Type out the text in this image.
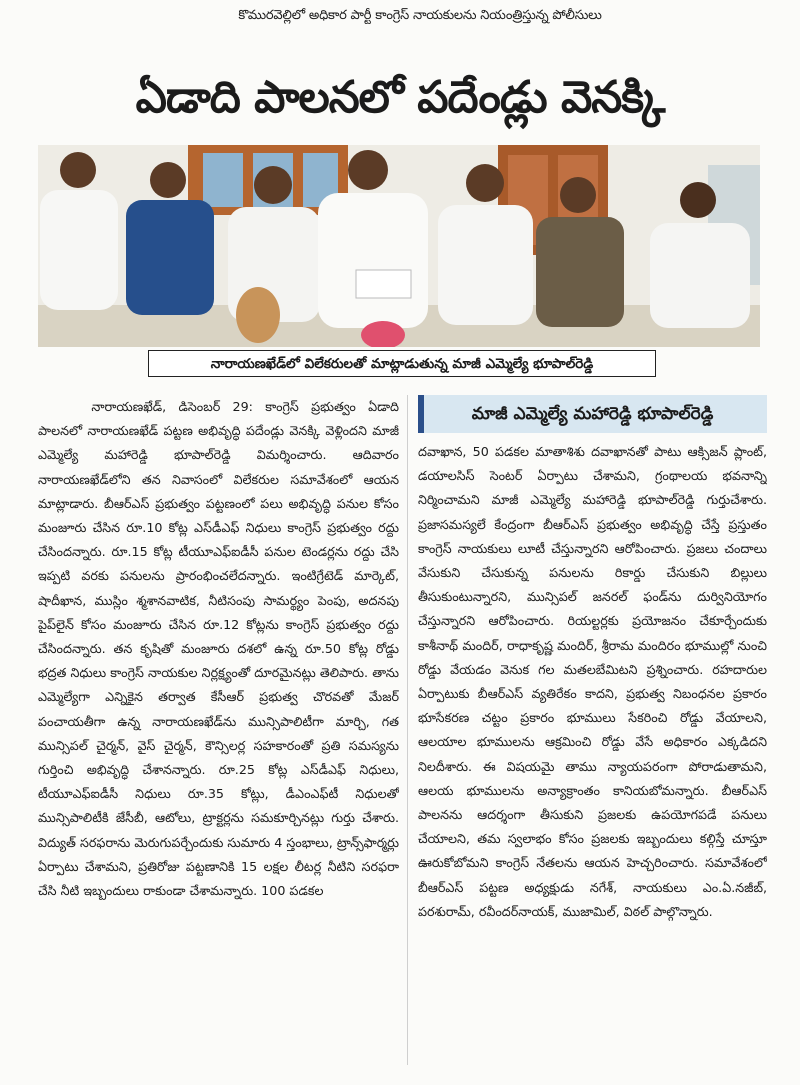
కొమురవెల్లిలో అధికార పార్టీ కాంగ్రెస్ నాయకులను నియంత్రిస్తున్న పోలీసులు
ఏడాది పాలనలో పదేండ్లు వెనక్కి
నారాయణఖేడ్‌లో విలేకరులతో మాట్లాడుతున్న మాజీ ఎమ్మెల్యే భూపాల్‌రెడ్డి

నారాయణఖేడ్, డిసెంబర్ 29: కాంగ్రెస్ ప్రభుత్వం ఏడాది పాలనలో నారాయణఖేడ్ పట్టణ అభివృద్ధి పదేండ్లు వెనక్కి వెళ్లిందని మాజీ ఎమ్మెల్యే మహారెడ్డి భూపాల్‌రెడ్డి విమర్శించారు. ఆదివారం నారాయణఖేడ్‌లోని తన నివాసంలో విలేకరుల సమావేశంలో ఆయన మాట్లాడారు. బీఆర్‌ఎస్ ప్రభుత్వం పట్టణంలో పలు అభివృద్ధి పనుల కోసం మంజూరు చేసిన రూ.10 కోట్ల ఎస్‌డీఎఫ్ నిధులు కాంగ్రెస్ ప్రభుత్వం రద్దు చేసిందన్నారు. రూ.15 కోట్ల టీయూఎఫ్‌ఐడీసీ పనుల టెండర్లను రద్దు చేసి ఇప్పటి వరకు పనులను ప్రారంభించలేదన్నారు. ఇంటిగ్రేటెడ్ మార్కెట్, షాదీఖాన, ముస్లిం శ్మశానవాటిక, నీటిసంపు సామర్థ్యం పెంపు, అదనపు పైప్‌లైన్ కోసం మంజూరు చేసిన రూ.12 కోట్లను కాంగ్రెస్ ప్రభుత్వం రద్దు చేసిందన్నారు. తన కృషితో మంజూరు దశలో ఉన్న రూ.50 కోట్ల రోడ్డు భద్రత నిధులు కాంగ్రెస్ నాయకుల నిర్లక్ష్యంతో దూరమైనట్లు తెలిపారు. తాను ఎమ్మెల్యేగా ఎన్నికైన తర్వాత కేసీఆర్ ప్రభుత్వ చొరవతో మేజర్ పంచాయతీగా ఉన్న నారాయణఖేడ్‌ను మున్సిపాలిటీగా మార్చి, గత మున్సిపల్ చైర్మన్, వైస్ చైర్మన్, కౌన్సిలర్ల సహకారంతో ప్రతి సమస్యను గుర్తించి అభివృద్ధి చేశానన్నారు. రూ.25 కోట్ల ఎస్‌డీఎఫ్ నిధులు, టీయూఎఫ్‌ఐడీసీ నిధులు రూ.35 కోట్లు, డీఎంఎఫ్‌టీ నిధులతో మున్సిపాలిటీకి జేసీబీ, ఆటోలు, ట్రాక్టర్లను సమకూర్చినట్లు గుర్తు చేశారు. విద్యుత్ సరఫరాను మెరుగుపర్చేందుకు సుమారు 4 స్తంభాలు, ట్రాన్స్‌ఫార్మర్లు ఏర్పాటు చేశామని, ప్రతిరోజు పట్టణానికి 15 లక్షల లీటర్ల నీటిని సరఫరా చేసి నీటి ఇబ్బందులు రాకుండా చేశామన్నారు. 100 పడకల

మాజీ ఎమ్మెల్యే మహారెడ్డి భూపాల్‌రెడ్డి

దవాఖాన, 50 పడకల మాతాశిశు దవాఖానతో పాటు ఆక్సిజన్ ప్లాంట్, డయాలసిస్ సెంటర్ ఏర్పాటు చేశామని, గ్రంథాలయ భవనాన్ని నిర్మించామని మాజీ ఎమ్మెల్యే మహారెడ్డి భూపాల్‌రెడ్డి గుర్తుచేశారు. ప్రజాసమస్యలే కేంద్రంగా బీఆర్‌ఎస్ ప్రభుత్వం అభివృద్ధి చేస్తే ప్రస్తుతం కాంగ్రెస్ నాయకులు లూటీ చేస్తున్నారని ఆరోపించారు. ప్రజలు చందాలు వేసుకుని చేసుకున్న పనులను రికార్డు చేసుకుని బిల్లులు తీసుకుంటున్నారని, మున్సిపల్ జనరల్ ఫండ్‌ను దుర్వినియోగం చేస్తున్నారని ఆరోపించారు. రియల్టర్లకు ప్రయోజనం చేకూర్చేందుకు కాశీనాథ్ మందిర్, రాధాకృష్ణ మందిర్, శ్రీరామ మందిరం భూముల్లో నుంచి రోడ్డు వేయడం వెనుక గల మతలబేమిటని ప్రశ్నించారు. రహదారుల ఏర్పాటుకు బీఆర్‌ఎస్ వ్యతిరేకం కాదని, ప్రభుత్వ నిబంధనల ప్రకారం భూసేకరణ చట్టం ప్రకారం భూములు సేకరించి రోడ్డు వేయాలని, ఆలయాల భూములను ఆక్రమించి రోడ్డు వేసే అధికారం ఎక్కడిదని నిలదీశారు. ఈ విషయమై తాము న్యాయపరంగా పోరాడుతామని, ఆలయ భూములను అన్యాక్రాంతం కానియబోమన్నారు. బీఆర్‌ఎస్ పాలనను ఆదర్శంగా తీసుకుని ప్రజలకు ఉపయోగపడే పనులు చేయాలని, తమ స్వలాభం కోసం ప్రజలకు ఇబ్బందులు కల్గిస్తే చూస్తూ ఊరుకోబోమని కాంగ్రెస్ నేతలను ఆయన హెచ్చరించారు. సమావేశంలో బీఆర్‌ఎస్ పట్టణ అధ్యక్షుడు నగేశ్, నాయకులు ఎం.ఏ.నజీబ్, పరశురామ్, రవీందర్‌నాయక్, ముజామిల్, విఠల్ పాల్గొన్నారు.
